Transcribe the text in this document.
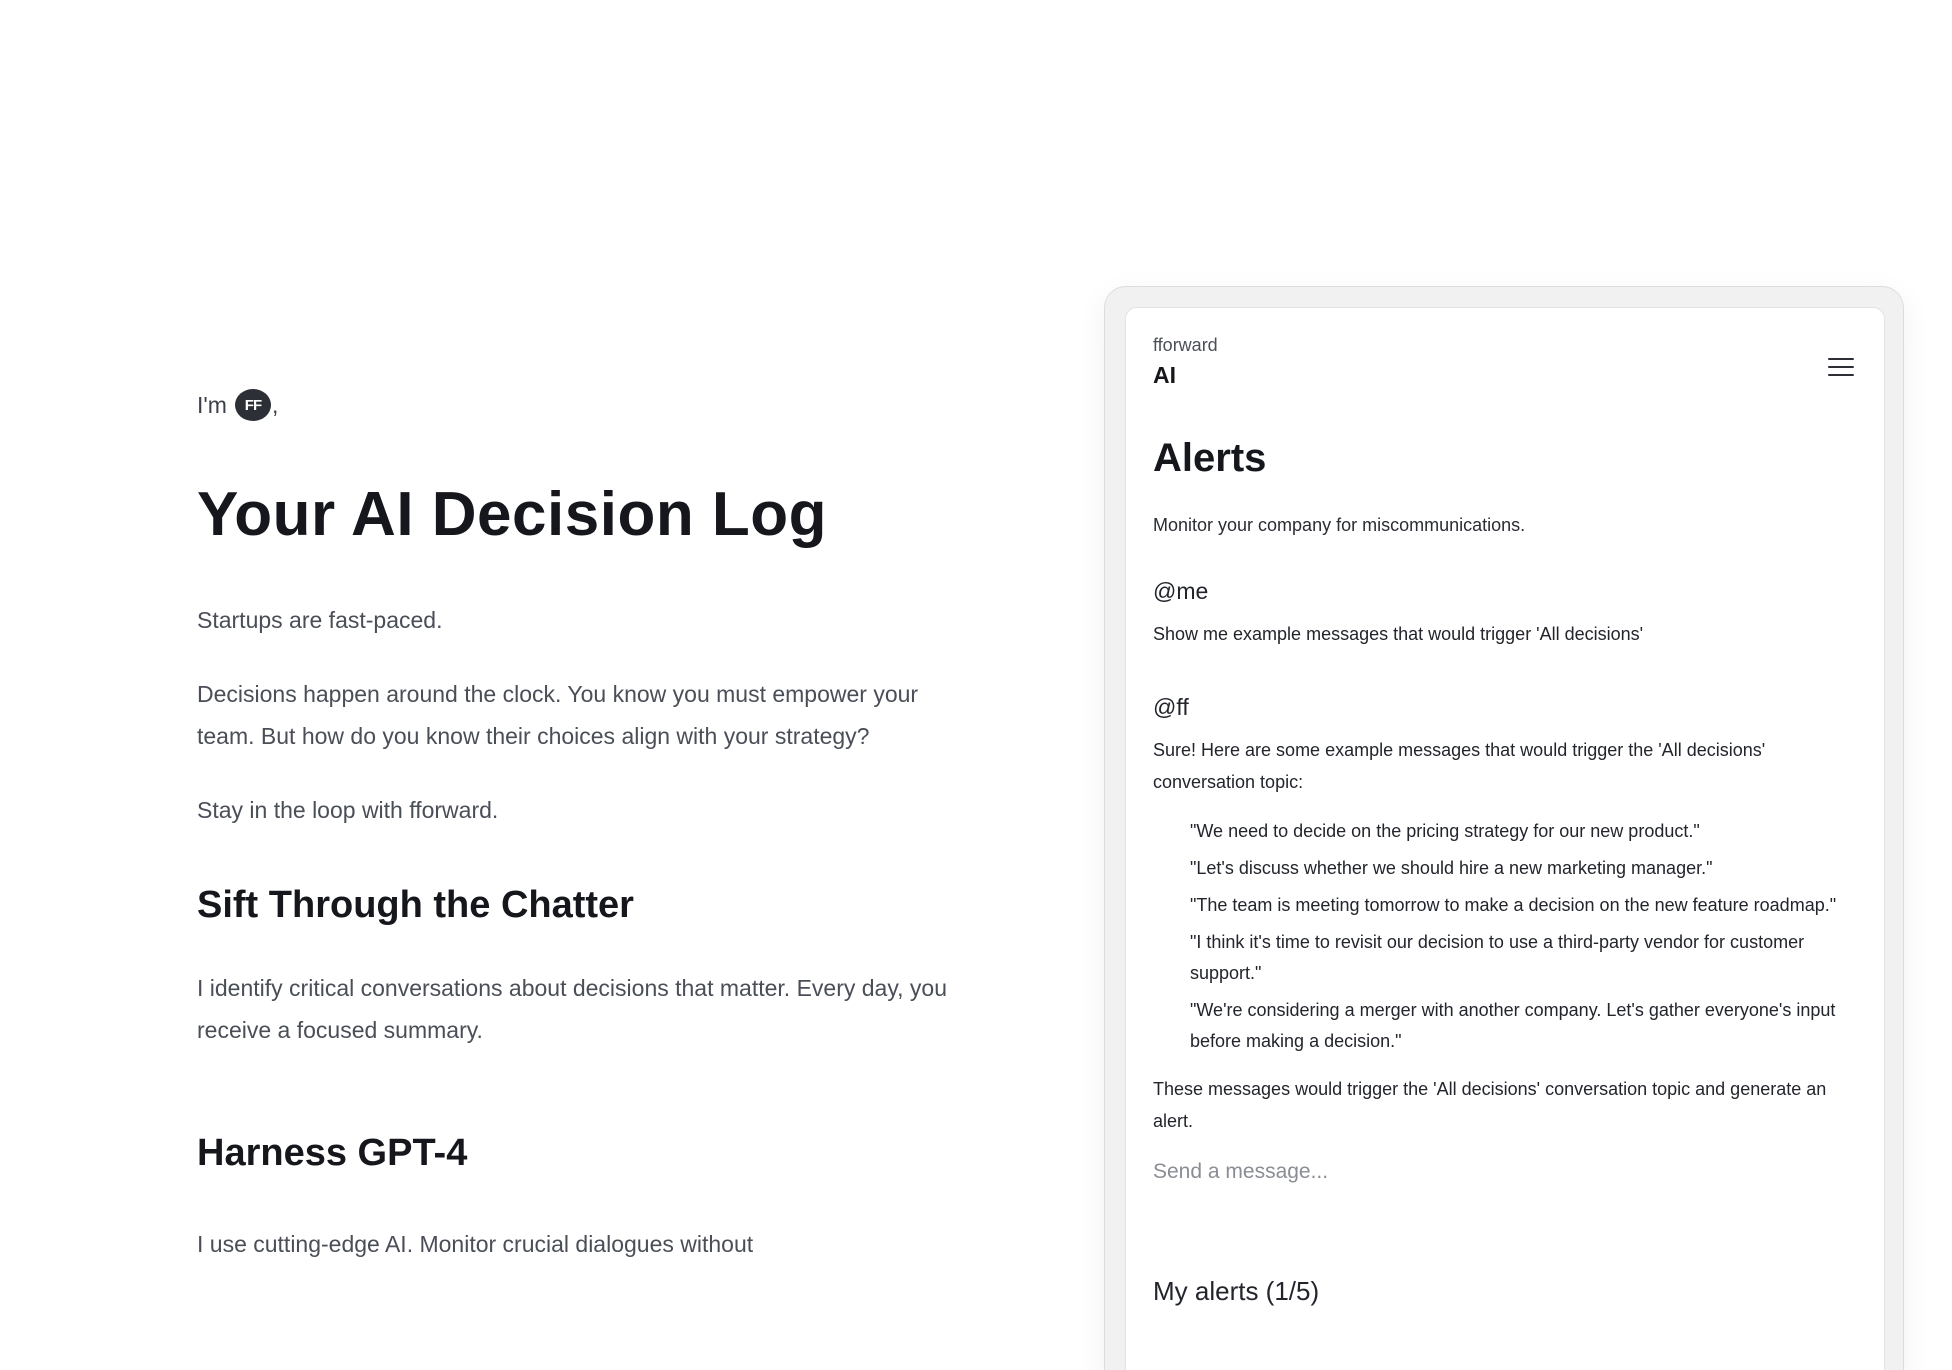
I'm	FF ,
Your AI Decision Log

Startups are fast-paced.

Decisions happen around the clock. You know you must empower your team. But how do you know their choices align with your strategy?

Stay in the loop with fforward.

Sift Through the Chatter

I identify critical conversations about decisions that matter. Every day, you receive a focused summary.

Harness GPT-4

I use cutting-edge AI. Monitor crucial dialogues without

fforward
AI
Alerts

Monitor your company for miscommunications.

@me

Show me example messages that would trigger 'All decisions'

@ff

Sure! Here are some example messages that would trigger the 'All decisions' conversation topic:

"We need to decide on the pricing strategy for our new product."
"Let's discuss whether we should hire a new marketing manager."
"The team is meeting tomorrow to make a decision on the new feature roadmap."
"I think it's time to revisit our decision to use a third-party vendor for customer support."
"We're considering a merger with another company. Let's gather everyone's input before making a decision."

These messages would trigger the 'All decisions' conversation topic and generate an alert.

Send a message...
My alerts (1/5)
